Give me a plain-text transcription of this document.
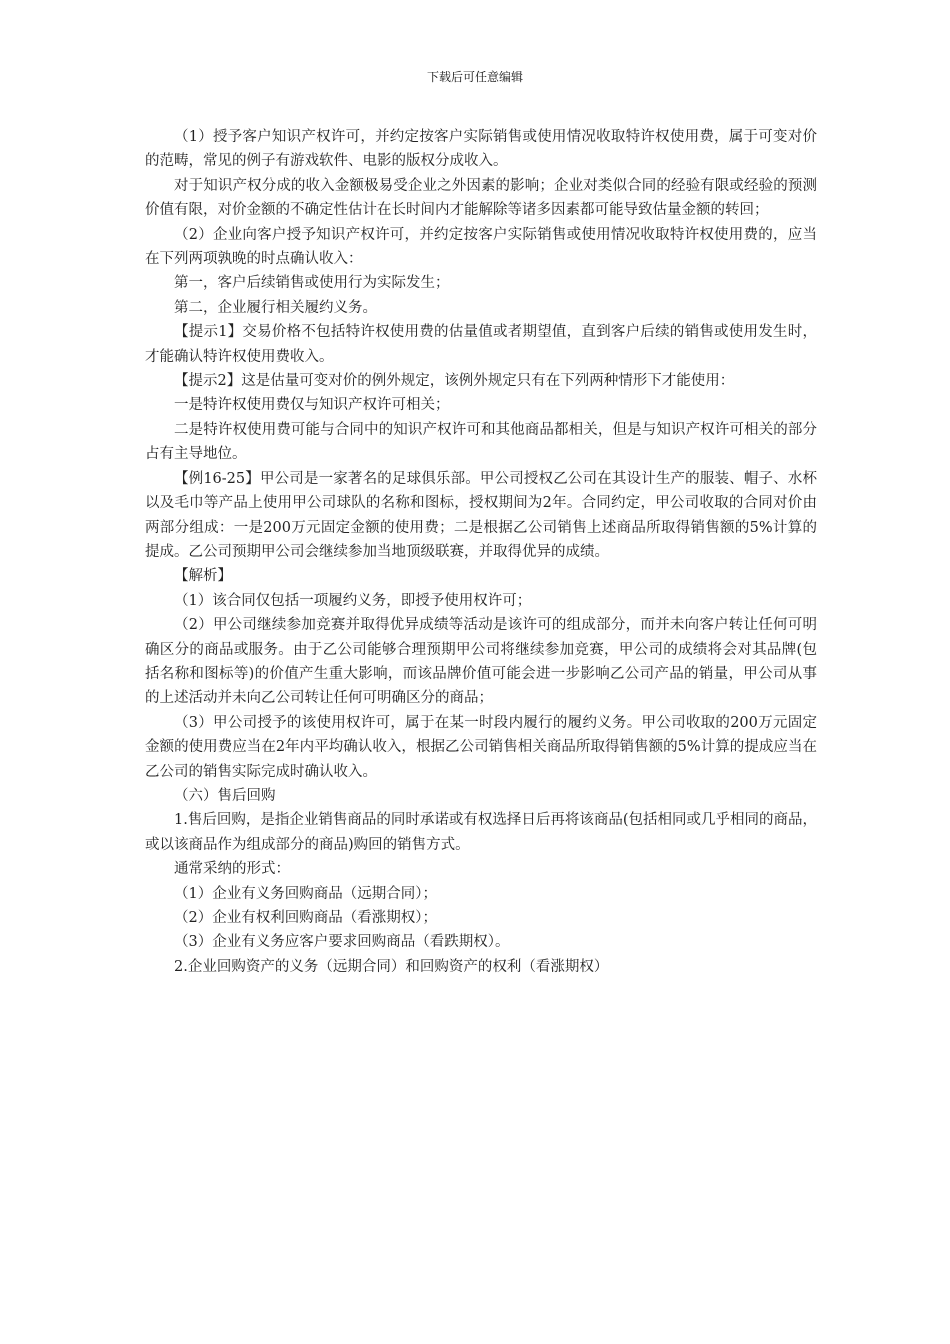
下载后可任意编辑

（1）授予客户知识产权许可，并约定按客户实际销售或使用情况收取特许权使用费，属于可变对价的范畴，常见的例子有游戏软件、电影的版权分成收入。

对于知识产权分成的收入金额极易受企业之外因素的影响；企业对类似合同的经验有限或经验的预测价值有限，对价金额的不确定性估计在长时间内才能解除等诸多因素都可能导致估量金额的转回；

（2）企业向客户授予知识产权许可，并约定按客户实际销售或使用情况收取特许权使用费的，应当在下列两项孰晚的时点确认收入：

第一，客户后续销售或使用行为实际发生；

第二，企业履行相关履约义务。

【提示1】交易价格不包括特许权使用费的估量值或者期望值，直到客户后续的销售或使用发生时，才能确认特许权使用费收入。

【提示2】这是估量可变对价的例外规定，该例外规定只有在下列两种情形下才能使用：

一是特许权使用费仅与知识产权许可相关；

二是特许权使用费可能与合同中的知识产权许可和其他商品都相关，但是与知识产权许可相关的部分占有主导地位。

【例16-25】甲公司是一家著名的足球俱乐部。甲公司授权乙公司在其设计生产的服装、帽子、水杯以及毛巾等产品上使用甲公司球队的名称和图标，授权期间为2年。合同约定，甲公司收取的合同对价由两部分组成：一是200万元固定金额的使用费；二是根据乙公司销售上述商品所取得销售额的5%计算的提成。乙公司预期甲公司会继续参加当地顶级联赛，并取得优异的成绩。

【解析】

（1）该合同仅包括一项履约义务，即授予使用权许可；

（2）甲公司继续参加竞赛并取得优异成绩等活动是该许可的组成部分，而并未向客户转让任何可明确区分的商品或服务。由于乙公司能够合理预期甲公司将继续参加竞赛，甲公司的成绩将会对其品牌(包括名称和图标等)的价值产生重大影响，而该品牌价值可能会进一步影响乙公司产品的销量，甲公司从事的上述活动并未向乙公司转让任何可明确区分的商品；

（3）甲公司授予的该使用权许可，属于在某一时段内履行的履约义务。甲公司收取的200万元固定金额的使用费应当在2年内平均确认收入，根据乙公司销售相关商品所取得销售额的5%计算的提成应当在乙公司的销售实际完成时确认收入。

（六）售后回购

1.售后回购，是指企业销售商品的同时承诺或有权选择日后再将该商品(包括相同或几乎相同的商品，或以该商品作为组成部分的商品)购回的销售方式。

通常采纳的形式：

（1）企业有义务回购商品（远期合同）；

（2）企业有权利回购商品（看涨期权）；

（3）企业有义务应客户要求回购商品（看跌期权）。

2.企业回购资产的义务（远期合同）和回购资产的权利（看涨期权）
